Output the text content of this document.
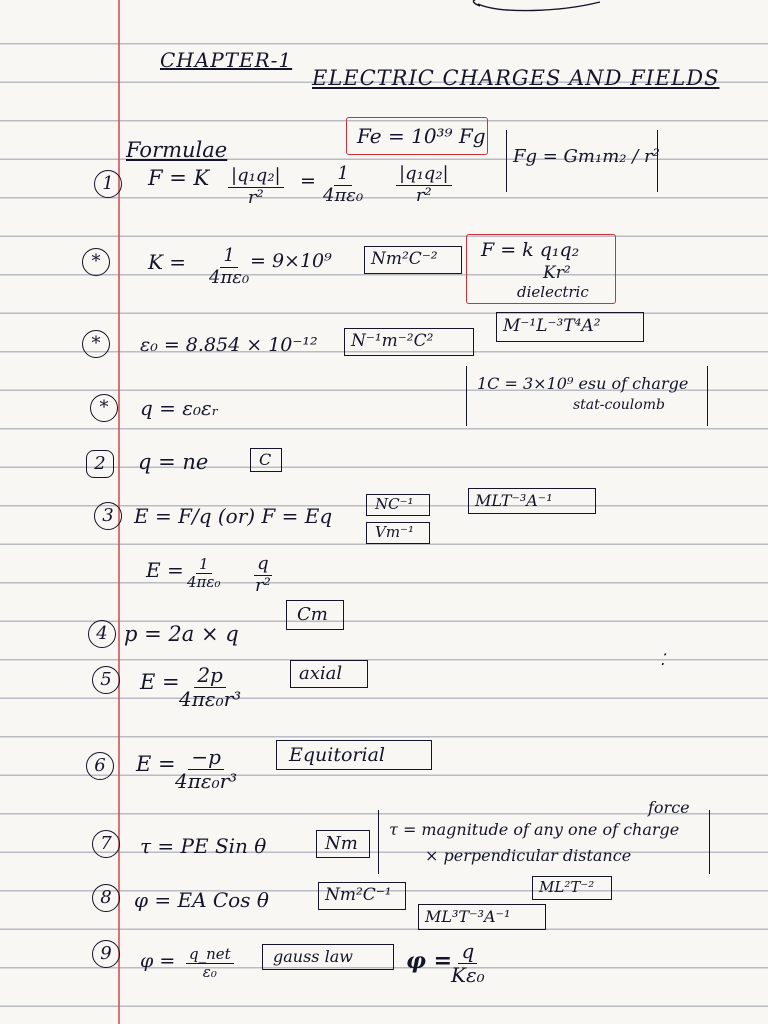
CHAPTER-1
ELECTRIC CHARGES AND FIELDS
Formulae
Fe = 10³⁹ Fg
1	F = K $\frac{\text{|q₁q₂|}}{\text{r²}} = \frac{1}{\text{4πε₀}} \frac{\text{|q₁q₂|}}{\text{r²}}$
Fg = Gm₁m₂ / r²
*	$K = \frac{1}{\text{4πε₀}}$
= 9×10⁹ Nm²C⁻² F = k q₁q₂
Kr²
dielectric
*	ε₀ = 8.854 × 10⁻¹² N⁻¹m⁻²C²
M⁻¹L⁻³T⁴A²
*	q = ε₀εᵣ
1C = 3×10⁹ esu of charge
stat-coulomb
2	q = ne	C
3	E = F/q (or) F = Eq	NC⁻¹
Vm⁻¹
MLT⁻³A⁻¹
$E = \frac{1}{\text{4πε₀}} \frac{q}{\text{r²}}$
4 p = 2a × q
Cm
5	E =
$\frac{2p}{\text{4πε₀r³}}$	axial
⁚
6	E =
$\frac{-p}{\text{4πε₀r³}}$	Equitorial
7	τ = PE Sin θ	Nm
force
τ = magnitude of any one of charge
× perpendicular distance
8	φ = EA Cos θ	Nm²C⁻¹	ML²T⁻²
ML³T⁻³A⁻¹
9	φ = q_net
ε₀
gauss law φ =
$\frac{q}{\text{Kε₀}}$
